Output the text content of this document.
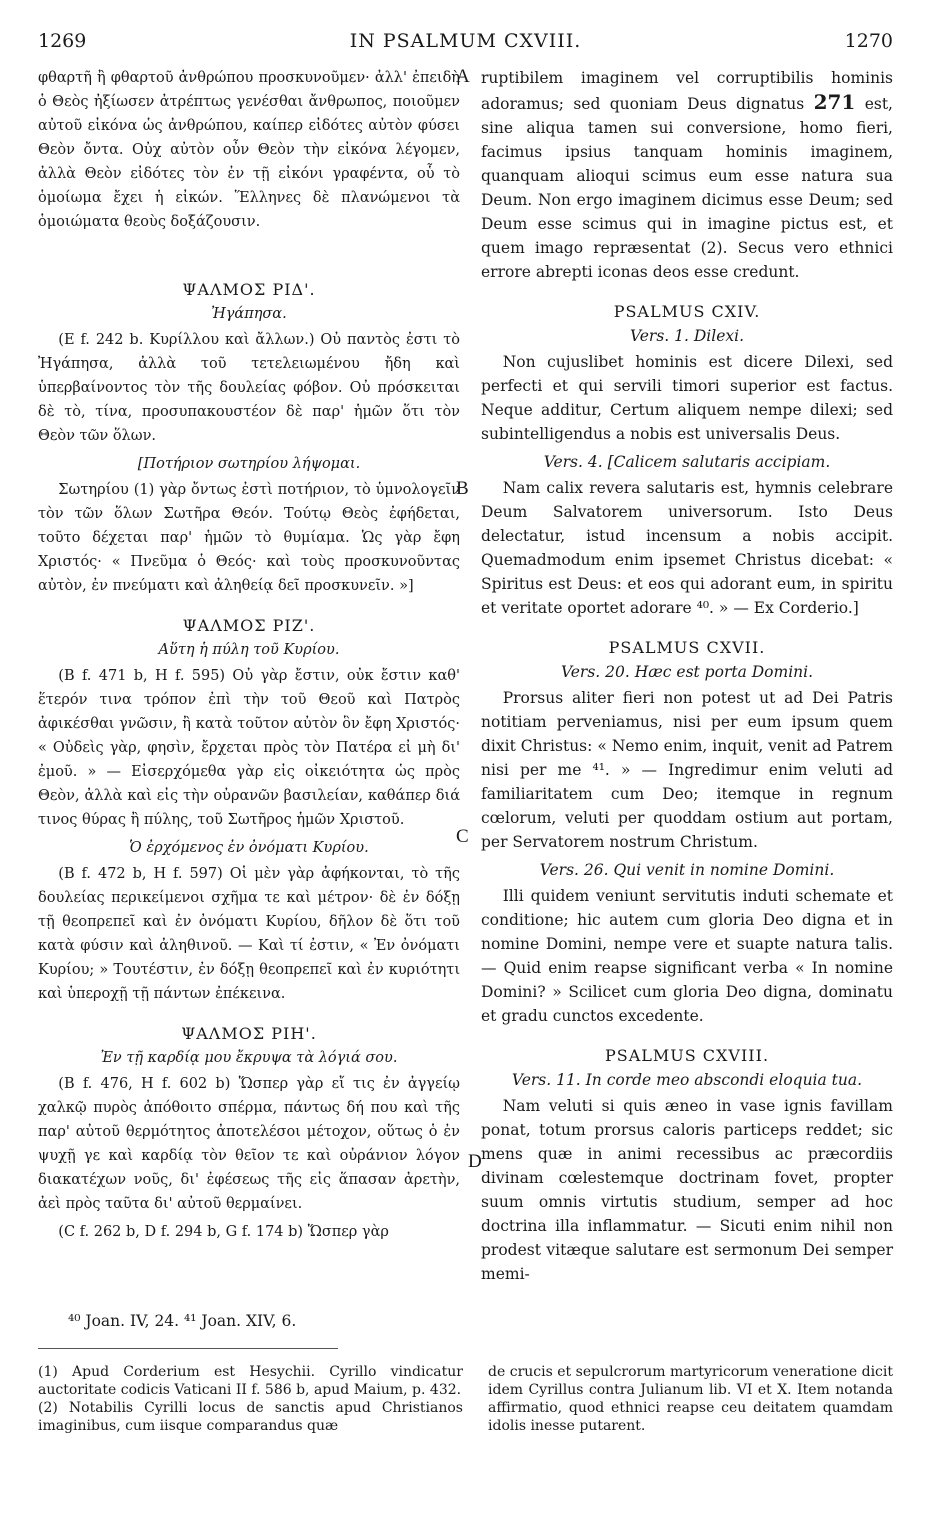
1269	IN PSALMUM CXVIII.	1270
A
B
C
D

φθαρτῆ ἢ φθαρτοῦ ἀνθρώπου προσκυνοῦμεν· ἀλλ' ἐπειδὴ ὁ Θεὸς ἠξίωσεν ἀτρέπτως γενέσθαι ἄνθρωπος, ποιοῦμεν αὐτοῦ εἰκόνα ὡς ἀνθρώπου, καίπερ εἰδότες αὐτὸν φύσει Θεὸν ὄντα. Οὐχ αὐτὸν οὖν Θεὸν τὴν εἰκόνα λέγομεν, ἀλλὰ Θεὸν εἰδότες τὸν ἐν τῇ εἰκόνι γραφέντα, οὗ τὸ ὁμοίωμα ἔχει ἡ εἰκών. Ἕλληνες δὲ πλανώμενοι τὰ ὁμοιώματα θεοὺς δοξάζουσιν.

ΨΑΛΜΟΣ ΡΙΔ'.
Ἠγάπησα.

(E f. 242 b. Κυρίλλου καὶ ἄλλων.) Οὐ παντὸς ἐστι τὸ Ἠγάπησα, ἀλλὰ τοῦ τετελειωμένου ἤδη καὶ ὑπερβαίνοντος τὸν τῆς δουλείας φόβον. Οὐ πρόσκειται δὲ τὸ, τίνα, προσυπακουστέον δὲ παρ' ἡμῶν ὅτι τὸν Θεὸν τῶν ὅλων.

[Ποτήριον σωτηρίου λήψομαι.

Σωτηρίου (1) γὰρ ὄντως ἐστὶ ποτήριον, τὸ ὑμνολογεῖν τὸν τῶν ὅλων Σωτῆρα Θεόν. Τούτῳ Θεὸς ἐφήδεται, τοῦτο δέχεται παρ' ἡμῶν τὸ θυμίαμα. Ὡς γὰρ ἔφη Χριστός· « Πνεῦμα ὁ Θεός· καὶ τοὺς προσκυνοῦντας αὐτὸν, ἐν πνεύματι καὶ ἀληθείᾳ δεῖ προσκυνεῖν. »]

ΨΑΛΜΟΣ ΡΙΖ'.
Αὕτη ἡ πύλη τοῦ Κυρίου.

(B f. 471 b, H f. 595) Οὐ γὰρ ἔστιν, οὐκ ἔστιν καθ' ἕτερόν τινα τρόπον ἐπὶ τὴν τοῦ Θεοῦ καὶ Πατρὸς ἀφικέσθαι γνῶσιν, ἢ κατὰ τοῦτον αὐτὸν ὃν ἔφη Χριστός· « Οὐδεὶς γὰρ, φησὶν, ἔρχεται πρὸς τὸν Πατέρα εἰ μὴ δι' ἐμοῦ. » — Εἰσερχόμεθα γὰρ εἰς οἰκειότητα ὡς πρὸς Θεὸν, ἀλλὰ καὶ εἰς τὴν οὐρανῶν βασιλείαν, καθάπερ διά τινος θύρας ἢ πύλης, τοῦ Σωτῆρος ἡμῶν Χριστοῦ.

Ὁ ἐρχόμενος ἐν ὀνόματι Κυρίου.

(B f. 472 b, H f. 597) Οἱ μὲν γὰρ ἀφήκονται, τὸ τῆς δουλείας περικείμενοι σχῆμα τε καὶ μέτρον· δὲ ἐν δόξῃ τῇ θεοπρεπεῖ καὶ ἐν ὀνόματι Κυρίου, δῆλον δὲ ὅτι τοῦ κατὰ φύσιν καὶ ἀληθινοῦ. — Καὶ τί ἐστιν, « Ἐν ὀνόματι Κυρίου; » Τουτέστιν, ἐν δόξῃ θεοπρεπεῖ καὶ ἐν κυριότητι καὶ ὑπεροχῇ τῇ πάντων ἐπέκεινα.

ΨΑΛΜΟΣ ΡΙΗ'.
Ἐν τῇ καρδίᾳ μου ἔκρυψα τὰ λόγιά σου.

(B f. 476, H f. 602 b) Ὥσπερ γὰρ εἴ τις ἐν ἀγγείῳ χαλκῷ πυρὸς ἀπόθοιτο σπέρμα, πάντως δή που καὶ τῆς παρ' αὐτοῦ θερμότητος ἀποτελέσοι μέτοχον, οὕτως ὁ ἐν ψυχῇ γε καὶ καρδίᾳ τὸν θεῖον τε καὶ οὐράνιον λόγον διακατέχων νοῦς, δι' ἐφέσεως τῆς εἰς ἅπασαν ἀρετὴν, ἀεὶ πρὸς ταῦτα δι' αὐτοῦ θερμαίνει.

(C f. 262 b, D f. 294 b, G f. 174 b) Ὥσπερ γὰρ

ruptibilem imaginem vel corruptibilis hominis adoramus; sed quoniam Deus dignatus 271 est, sine aliqua tamen sui conversione, homo fieri, facimus ipsius tanquam hominis imaginem, quanquam alioqui scimus eum esse natura sua Deum. Non ergo imaginem dicimus esse Deum; sed Deum esse scimus qui in imagine pictus est, et quem imago repræsentat (2). Secus vero ethnici errore abrepti iconas deos esse credunt.

PSALMUS CXIV.
Vers. 1. Dilexi.

Non cujuslibet hominis est dicere Dilexi, sed perfecti et qui servili timori superior est factus. Neque additur, Certum aliquem nempe dilexi; sed subintelligendus a nobis est universalis Deus.

Vers. 4. [Calicem salutaris accipiam.

Nam calix revera salutaris est, hymnis celebrare Deum Salvatorem universorum. Isto Deus delectatur, istud incensum a nobis accipit. Quemadmodum enim ipsemet Christus dicebat: « Spiritus est Deus: et eos qui adorant eum, in spiritu et veritate oportet adorare ⁴⁰. » — Ex Corderio.]

PSALMUS CXVII.
Vers. 20. Hæc est porta Domini.

Prorsus aliter fieri non potest ut ad Dei Patris notitiam perveniamus, nisi per eum ipsum quem dixit Christus: « Nemo enim, inquit, venit ad Patrem nisi per me ⁴¹. » — Ingredimur enim veluti ad familiaritatem cum Deo; itemque in regnum cœlorum, veluti per quoddam ostium aut portam, per Servatorem nostrum Christum.

Vers. 26. Qui venit in nomine Domini.

Illi quidem veniunt servitutis induti schemate et conditione; hic autem cum gloria Deo digna et in nomine Domini, nempe vere et suapte natura talis. — Quid enim reapse significant verba « In nomine Domini? » Scilicet cum gloria Deo digna, dominatu et gradu cunctos excedente.

PSALMUS CXVIII.
Vers. 11. In corde meo abscondi eloquia tua.

Nam veluti si quis æneo in vase ignis favillam ponat, totum prorsus caloris particeps reddet; sic mens quæ in animi recessibus ac præcordiis divinam cœlestemque doctrinam fovet, propter suum omnis virtutis studium, semper ad hoc doctrina illa inflammatur. — Sicuti enim nihil non prodest vitæque salutare est sermonum Dei semper memi-

⁴⁰ Joan. IV, 24. ⁴¹ Joan. XIV, 6.
(1) Apud Corderium est Hesychii. Cyrillo vindicatur auctoritate codicis Vaticani II f. 586 b, apud Maium, p. 432.
(2) Notabilis Cyrilli locus de sanctis apud Christianos imaginibus, cum iisque comparandus quæ
de crucis et sepulcrorum martyricorum veneratione dicit idem Cyrillus contra Julianum lib. VI et X. Item notanda affirmatio, quod ethnici reapse ceu deitatem quamdam idolis inesse putarent.
